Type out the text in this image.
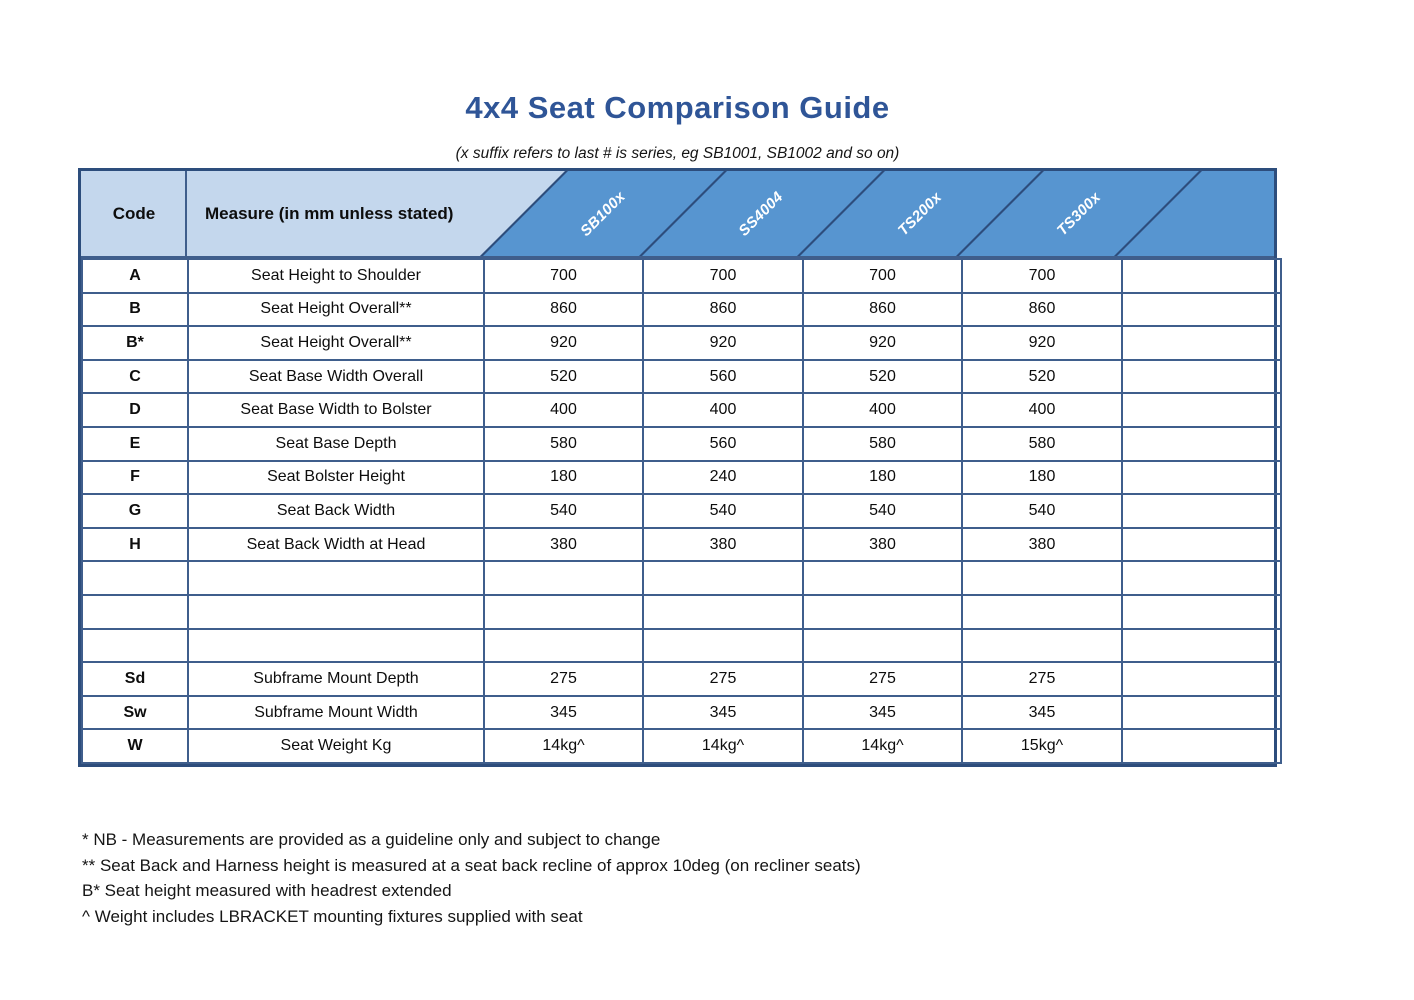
4x4 Seat Comparison Guide
(x suffix refers to last # is series, eg SB1001, SB1002 and so on)
Code	Measure (in mm unless stated)	SB100x	SS4004	TS200x	TS300x
A	Seat Height to Shoulder	700	700	700	700	
B	Seat Height Overall**	860	860	860	860	
B*	Seat Height Overall**	920	920	920	920	
C	Seat Base Width Overall	520	560	520	520	
D	Seat Base Width to Bolster	400	400	400	400	
E	Seat Base Depth	580	560	580	580	
F	Seat Bolster Height	180	240	180	180	
G	Seat Back Width	540	540	540	540	
H	Seat Back Width at Head	380	380	380	380	

Sd	Subframe Mount Depth	275	275	275	275	
Sw	Subframe Mount Width	345	345	345	345	
W	Seat Weight Kg	14kg^	14kg^	14kg^	15kg^	
* NB - Measurements are provided as a guideline only and subject to change
** Seat Back and Harness height is measured at a seat back recline of approx 10deg (on recliner seats)
B* Seat height measured with headrest extended
^ Weight includes LBRACKET mounting fixtures supplied with seat
